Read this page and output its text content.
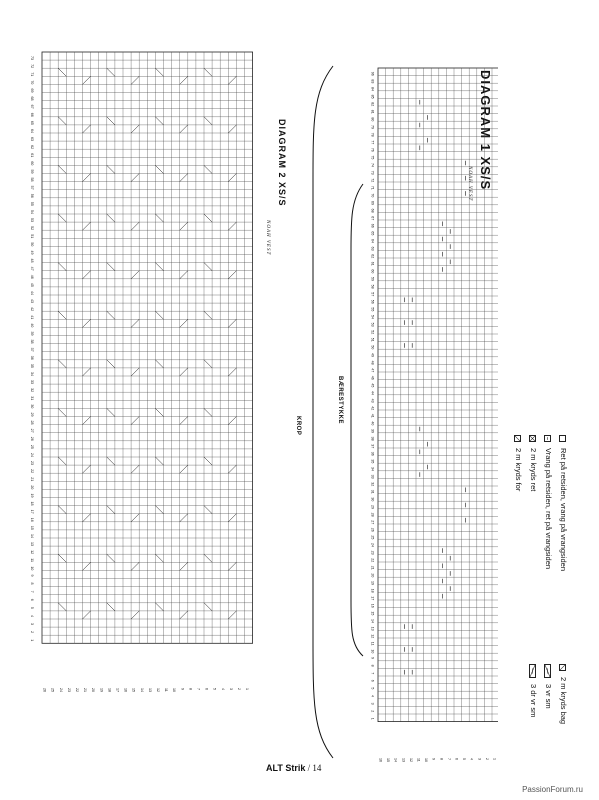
DIAGRAM 1 XS/S
NOAH VEST
DIAGRAM 2 XS/S
NOAH VEST
BÆRESTYKKE
KROP
96
83
84
85
82
81
80
79
78
77
76
75
74
73
72
71
70
69
68
67
66
65
64
63
62
61
60
59
58
57
56
55
54
53
52
51
50
49
48
47
46
45
44
43
42
41
40
39
38
37
36
35
34
33
32
31
30
29
28
27
26
25
24
23
22
21
20
19
18
17
16
15
14
13
12
11
10
9
8
7
6
5
4
3
2
1
1
2
3
4
5
6
7
8
9
10
11
12
13
14
15
16
73
72
71
70
69
68
67
66
65
64
63
62
61
60
59
58
57
56
55
54
53
52
51
50
49
48
47
46
45
44
43
42
41
40
39
38
37
36
35
34
33
32
31
30
29
28
27
26
25
24
23
22
21
20
19
18
17
16
15
14
13
12
11
10
9
8
7
6
5
4
3
2
1
1
2
3
4
5
6
7
8
9
10
11
12
13
14
15
16
17
18
19
20
21
22
23
24
25
26
Ret på retsiden, vrang på vrangsiden
Vrang på retsiden, ret på vrangsiden
2 m kryds ret
2 m kryds for
2 m kryds bag
3 vr sm
3 dr vr sm
ALT Strik / 14
PassionForum.ru
